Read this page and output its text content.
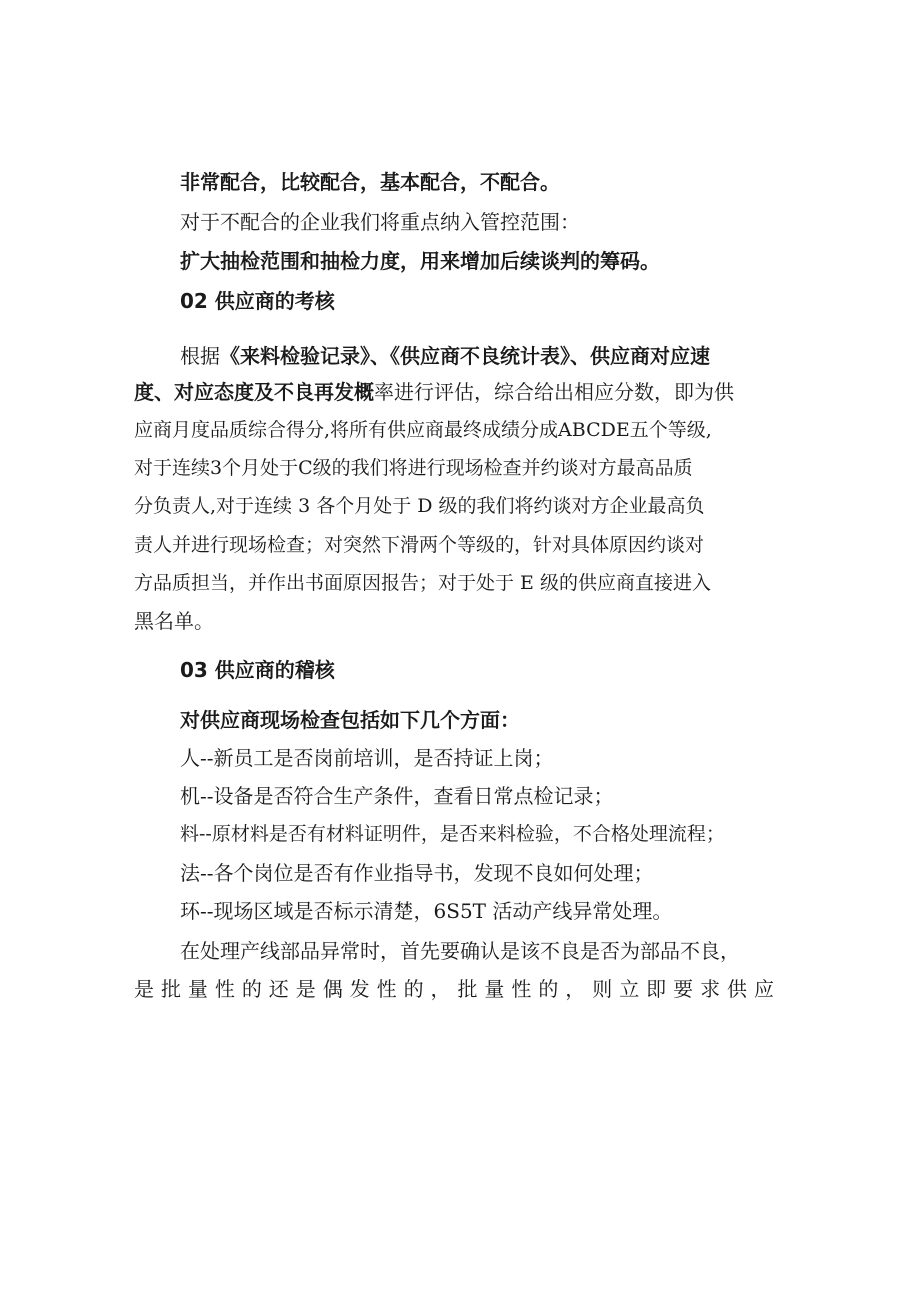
非常配合，比较配合，基本配合，不配合。
对于不配合的企业我们将重点纳入管控范围：
扩大抽检范围和抽检力度，用来增加后续谈判的筹码。
02 供应商的考核
根据《来料检验记录》、《供应商不良统计表》、供应商对应速
度、对应态度及不良再发概率进行评估，综合给出相应分数，即为供
应商月度品质综合得分,将所有供应商最终成绩分成ABCDE五个等级,
对于连续3个月处于C级的我们将进行现场检查并约谈对方最高品质
分负责人,对于连续 3 各个月处于 D 级的我们将约谈对方企业最高负
责人并进行现场检查；对突然下滑两个等级的，针对具体原因约谈对
方品质担当，并作出书面原因报告；对于处于 E 级的供应商直接进入
黑名单。
03 供应商的稽核
对供应商现场检查包括如下几个方面：
人--新员工是否岗前培训，是否持证上岗；
机--设备是否符合生产条件，查看日常点检记录；
料--原材料是否有材料证明件，是否来料检验，不合格处理流程；
法--各个岗位是否有作业指导书，发现不良如何处理；
环--现场区域是否标示清楚，6S5T 活动产线异常处理。
在处理产线部品异常时，首先要确认是该不良是否为部品不良，
是批量性的还是偶发性的，批量性的，则立即要求供应
